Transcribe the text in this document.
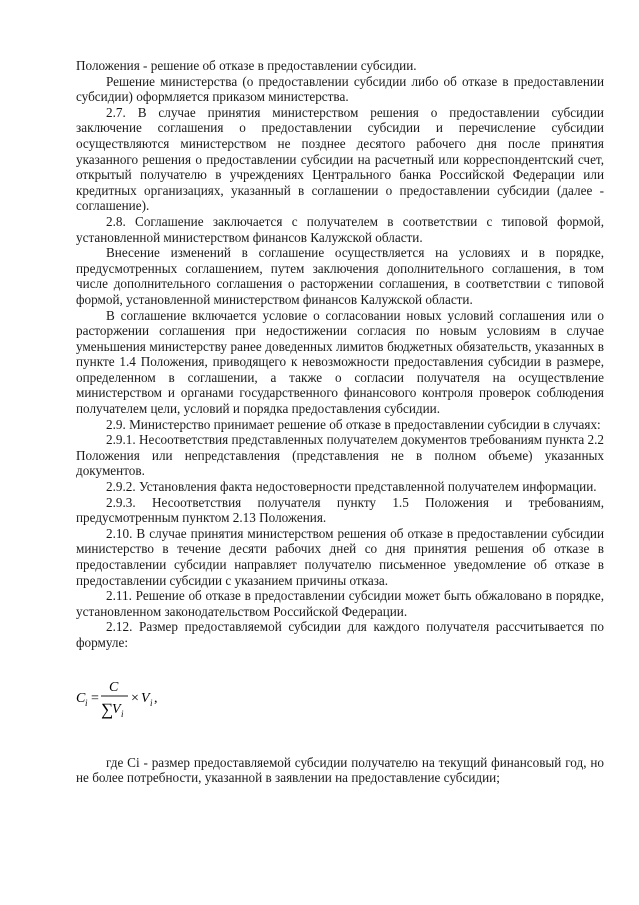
Положения - решение об отказе в предоставлении субсидии.

Решение министерства (о предоставлении субсидии либо об отказе в предоставлении субсидии) оформляется приказом министерства.

2.7. В случае принятия министерством решения о предоставлении субсидии заключение соглашения о предоставлении субсидии и перечисление субсидии осуществляются министерством не позднее десятого рабочего дня после принятия указанного решения о предоставлении субсидии на расчетный или корреспондентский счет, открытый получателю в учреждениях Центрального банка Российской Федерации или кредитных организациях, указанный в соглашении о предоставлении субсидии (далее - соглашение).

2.8. Соглашение заключается с получателем в соответствии с типовой формой, установленной министерством финансов Калужской области.

Внесение изменений в соглашение осуществляется на условиях и в порядке, предусмотренных соглашением, путем заключения дополнительного соглашения, в том числе дополнительного соглашения о расторжении соглашения, в соответствии с типовой формой, установленной министерством финансов Калужской области.

В соглашение включается условие о согласовании новых условий соглашения или о расторжении соглашения при недостижении согласия по новым условиям в случае уменьшения министерству ранее доведенных лимитов бюджетных обязательств, указанных в пункте 1.4 Положения, приводящего к невозможности предоставления субсидии в размере, определенном в соглашении, а также о согласии получателя на осуществление министерством и органами государственного финансового контроля проверок соблюдения получателем цели, условий и порядка предоставления субсидии.

2.9. Министерство принимает решение об отказе в предоставлении субсидии в случаях:

2.9.1. Несоответствия представленных получателем документов требованиям пункта 2.2 Положения или непредставления (представления не в полном объеме) указанных документов.

2.9.2. Установления факта недостоверности представленной получателем информации.

2.9.3. Несоответствия получателя пункту 1.5 Положения и требованиям, предусмотренным пунктом 2.13 Положения.

2.10. В случае принятия министерством решения об отказе в предоставлении субсидии министерство в течение десяти рабочих дней со дня принятия решения об отказе в предоставлении субсидии направляет получателю письменное уведомление об отказе в предоставлении субсидии с указанием причины отказа.

2.11. Решение об отказе в предоставлении субсидии может быть обжаловано в порядке, установленном законодательством Российской Федерации.

2.12. Размер предоставляемой субсидии для каждого получателя рассчитывается по формуле:

C i =
C
∑
V i
× V i ,

где Ci - размер предоставляемой субсидии получателю на текущий финансовый год, но не более потребности, указанной в заявлении на предоставление субсидии;
